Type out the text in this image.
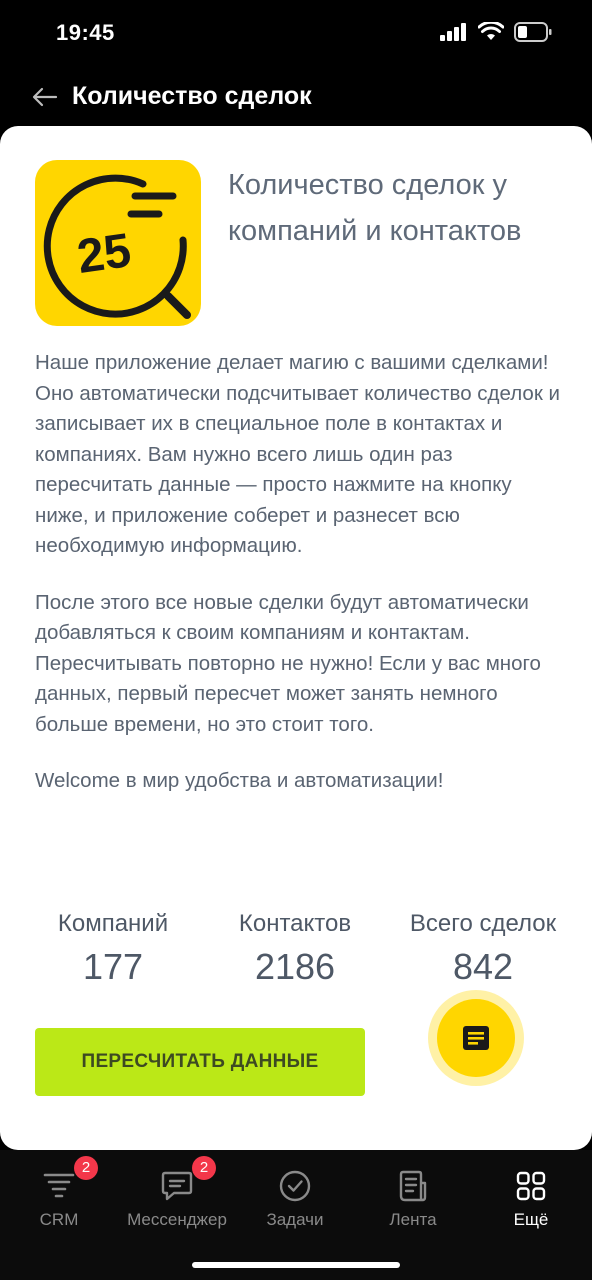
19:45
Количество сделок
25
Количество сделок у компаний и контактов

Наше приложение делает магию с вашими сделками! Оно автоматически подсчитывает количество сделок и записывает их в специальное поле в контактах и компаниях. Вам нужно всего лишь один раз пересчитать данные — просто нажмите на кнопку ниже, и приложение соберет и разнесет всю необходимую информацию.

После этого все новые сделки будут автоматически добавляться к своим компаниям и контактам. Пересчитывать повторно не нужно! Если у вас много данных, первый пересчет может занять немного больше времени, но это стоит того.

Welcome в мир удобства и автоматизации!

Компаний
177
Контактов
2186
Всего сделок
842
ПЕРЕСЧИТАТЬ ДАННЫЕ
2
CRM
2
Мессенджер	Задачи	Лента	Ещё
